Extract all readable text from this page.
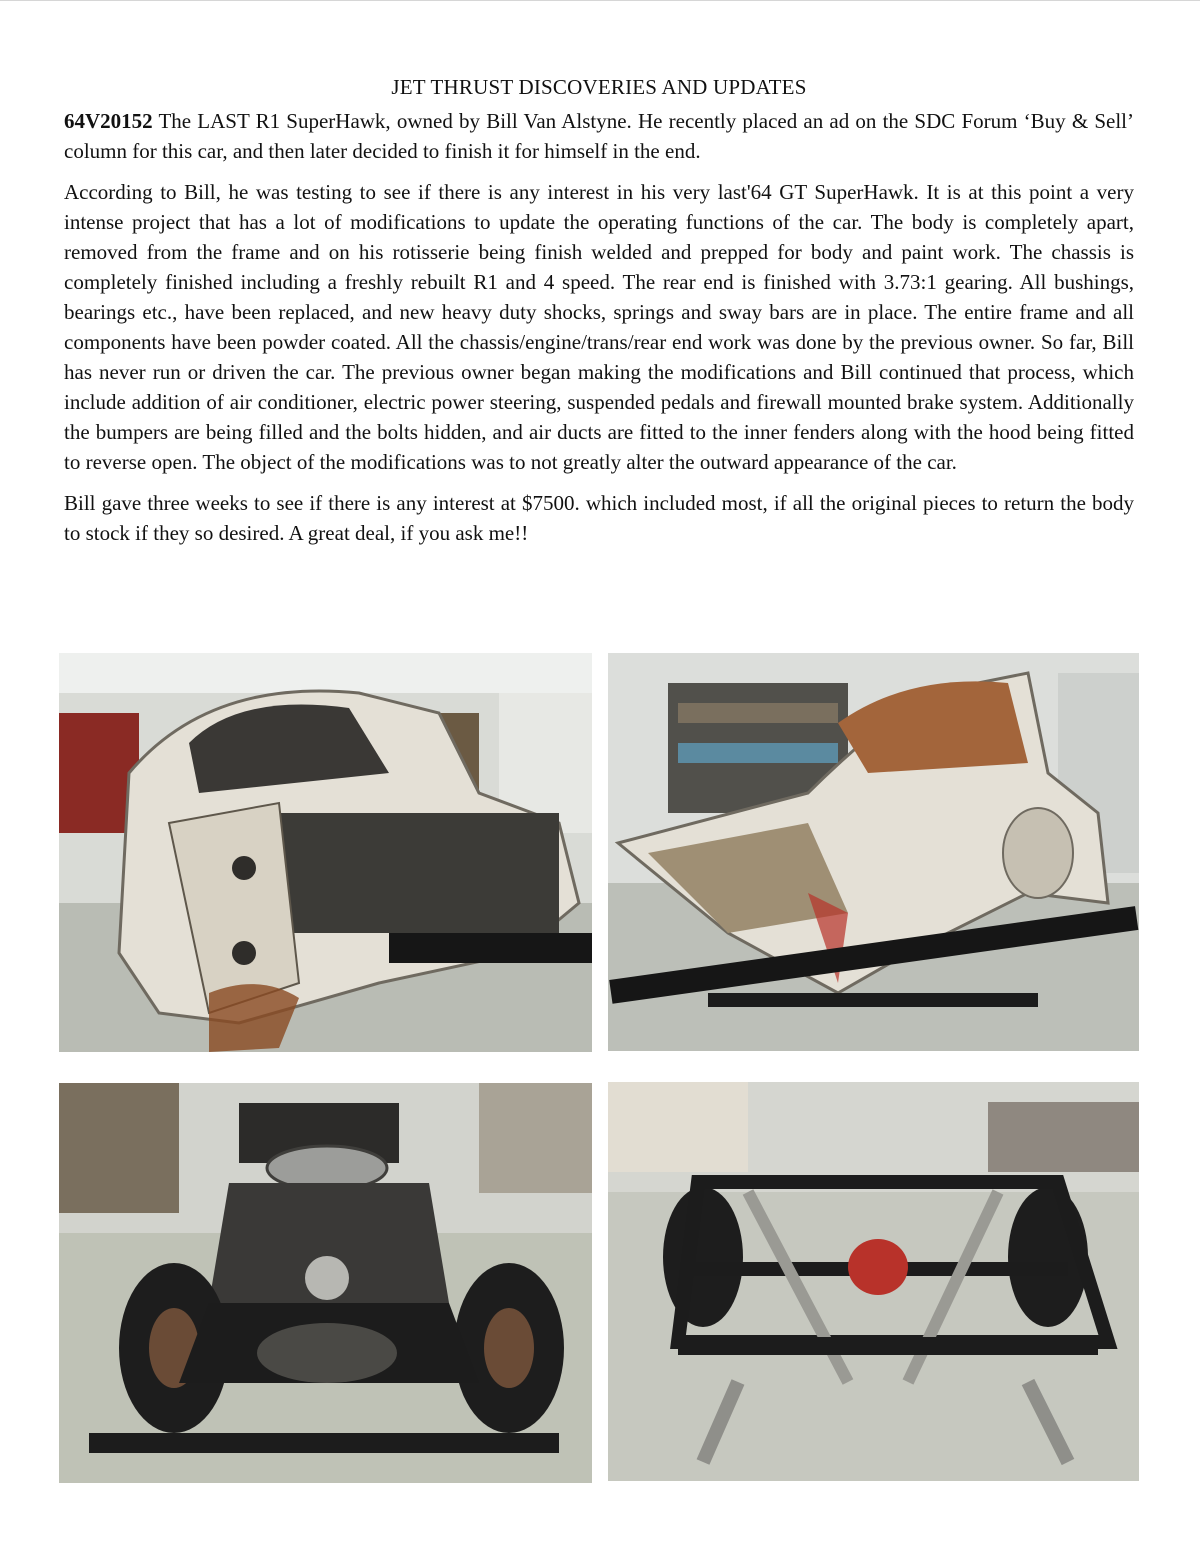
JET THRUST DISCOVERIES AND UPDATES

64V20152 The LAST R1 SuperHawk, owned by Bill Van Alstyne. He recently placed an ad on the SDC Forum ‘Buy & Sell’ column for this car, and then later decided to finish it for himself in the end.

According to Bill, he was testing to see if there is any interest in his very last'64 GT SuperHawk. It is at this point a very intense project that has a lot of modifications to update the operating functions of the car. The body is completely apart, removed from the frame and on his rotisserie being finish welded and prepped for body and paint work. The chassis is completely finished including a freshly rebuilt R1 and 4 speed. The rear end is finished with 3.73:1 gearing. All bushings, bearings etc., have been replaced, and new heavy duty shocks, springs and sway bars are in place. The entire frame and all components have been powder coated. All the chassis/engine/trans/rear end work was done by the previous owner. So far, Bill has never run or driven the car. The previous owner began making the modifications and Bill continued that process, which include addition of air conditioner, electric power steering, suspended pedals and firewall mounted brake system. Additionally the bumpers are being filled and the bolts hidden, and air ducts are fitted to the inner fenders along with the hood being fitted to reverse open. The object of the modifications was to not greatly alter the outward appearance of the car.

Bill gave three weeks to see if there is any interest at $7500. which included most, if all the original pieces to return the body to stock if they so desired. A great deal, if you ask me!!
